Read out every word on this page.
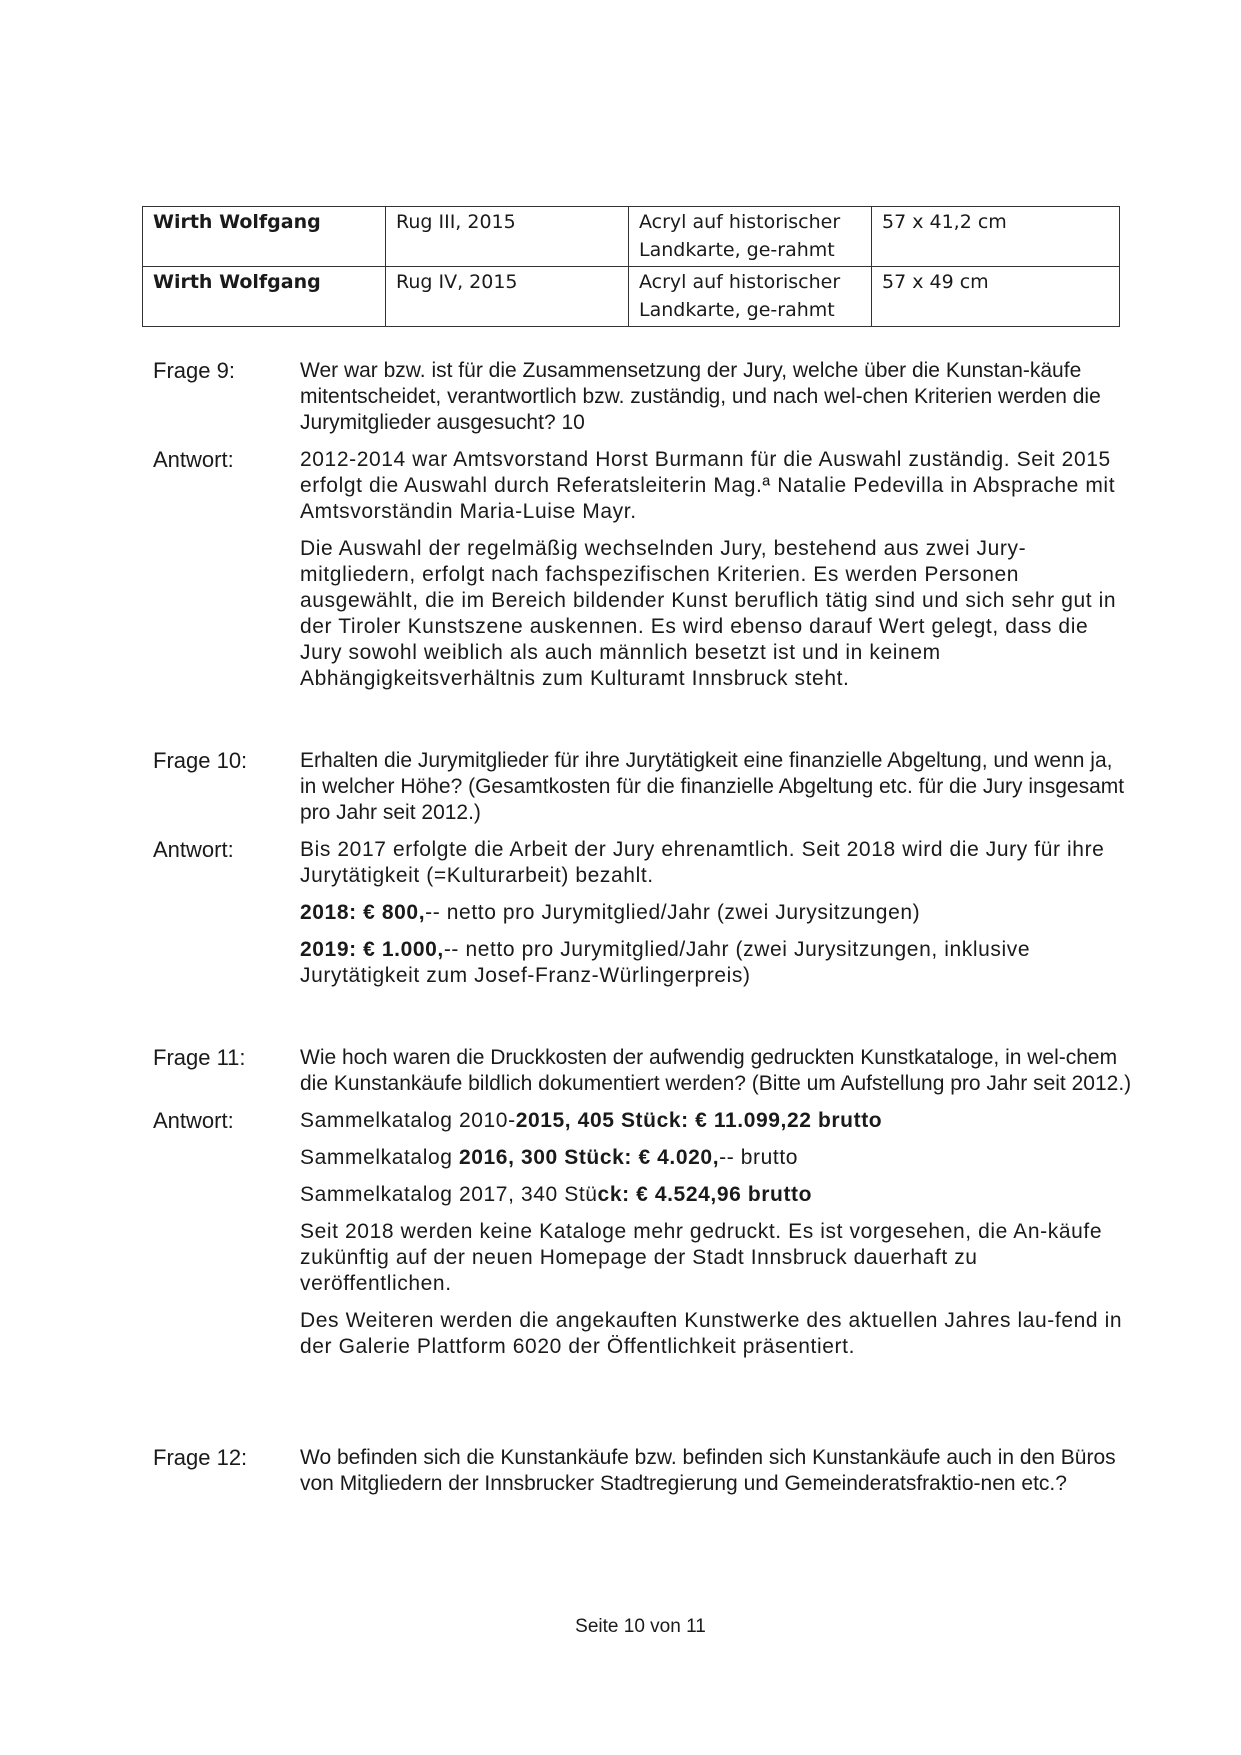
Wirth Wolfgang	Rug III, 2015	Acryl auf historischer Landkarte, ge-rahmt	57 x 41,2 cm
Wirth Wolfgang	Rug IV, 2015	Acryl auf historischer Landkarte, ge-rahmt	57 x 49 cm
Frage 9:	Wer war bzw. ist für die Zusammensetzung der Jury, welche über die Kunstan-käufe mitentscheidet, verantwortlich bzw. zuständig, und nach wel-chen Kriterien werden die Jurymitglieder ausgesucht? 10
Antwort:	2012-2014 war Amtsvorstand Horst Burmann für die Auswahl zuständig. Seit 2015 erfolgt die Auswahl durch Referatsleiterin Mag.ª Natalie Pedevilla in Absprache mit Amtsvorständin Maria-Luise Mayr.

Die Auswahl der regelmäßig wechselnden Jury, bestehend aus zwei Jury-mitgliedern, erfolgt nach fachspezifischen Kriterien. Es werden Personen ausgewählt, die im Bereich bildender Kunst beruflich tätig sind und sich sehr gut in der Tiroler Kunstszene auskennen. Es wird ebenso darauf Wert gelegt, dass die Jury sowohl weiblich als auch männlich besetzt ist und in keinem Abhängigkeitsverhältnis zum Kulturamt Innsbruck steht.

Frage 10:	Erhalten die Jurymitglieder für ihre Jurytätigkeit eine finanzielle Abgeltung, und wenn ja, in welcher Höhe? (Gesamtkosten für die finanzielle Abgeltung etc. für die Jury insgesamt pro Jahr seit 2012.)
Antwort:	Bis 2017 erfolgte die Arbeit der Jury ehrenamtlich. Seit 2018 wird die Jury für ihre Jurytätigkeit (=Kulturarbeit) bezahlt.

2018: € 800,-- netto pro Jurymitglied/Jahr (zwei Jurysitzungen)

2019: € 1.000,-- netto pro Jurymitglied/Jahr (zwei Jurysitzungen, inklusive Jurytätigkeit zum Josef-Franz-Würlingerpreis)

Frage 11:	Wie hoch waren die Druckkosten der aufwendig gedruckten Kunstkataloge, in wel-chem die Kunstankäufe bildlich dokumentiert werden? (Bitte um Aufstellung pro Jahr seit 2012.)
Antwort:	Sammelkatalog 2010-2015, 405 Stück: € 11.099,22 brutto

Sammelkatalog 2016, 300 Stück: € 4.020,-- brutto

Sammelkatalog 2017, 340 Stück: € 4.524,96 brutto

Seit 2018 werden keine Kataloge mehr gedruckt. Es ist vorgesehen, die An-käufe zukünftig auf der neuen Homepage der Stadt Innsbruck dauerhaft zu veröffentlichen.

Des Weiteren werden die angekauften Kunstwerke des aktuellen Jahres lau-fend in der Galerie Plattform 6020 der Öffentlichkeit präsentiert.

Frage 12:	Wo befinden sich die Kunstankäufe bzw. befinden sich Kunstankäufe auch in den Büros von Mitgliedern der Innsbrucker Stadtregierung und Gemeinderatsfraktio-nen etc.?
Seite 10 von 11
